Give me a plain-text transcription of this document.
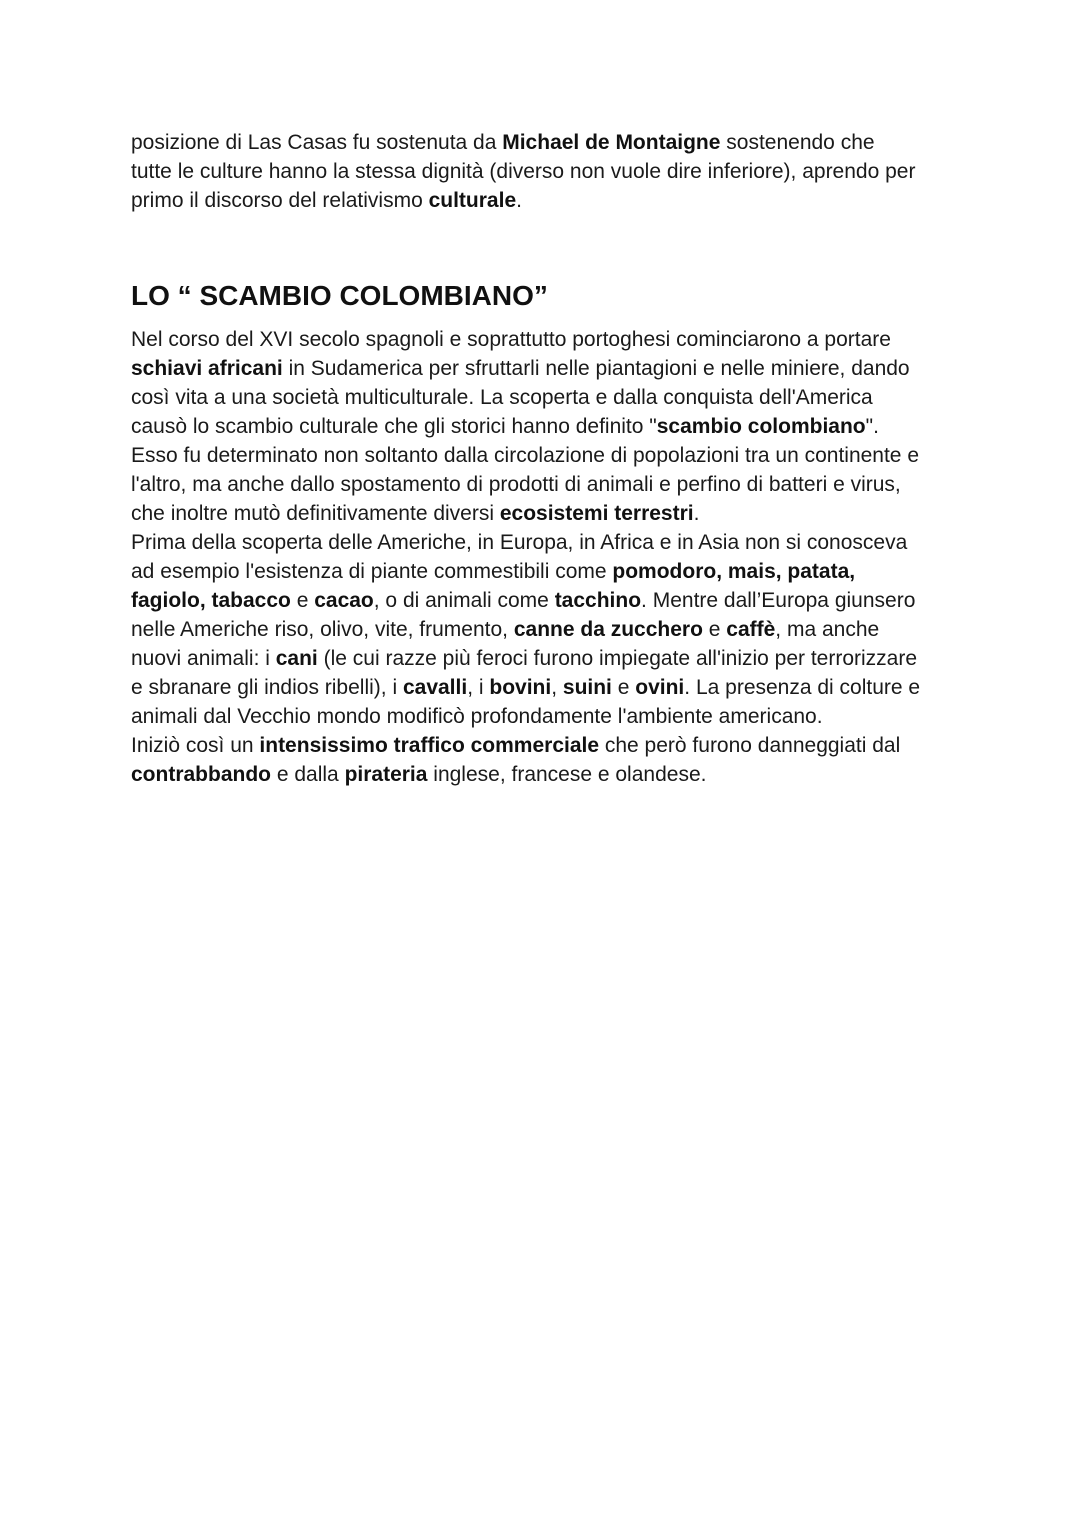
posizione di Las Casas fu sostenuta da Michael de Montaigne sostenendo che
tutte le culture hanno la stessa dignità (diverso non vuole dire inferiore), aprendo per
primo il discorso del relativismo culturale.

LO “ SCAMBIO COLOMBIANO”

Nel corso del XVI secolo spagnoli e soprattutto portoghesi cominciarono a portare
schiavi africani in Sudamerica per sfruttarli nelle piantagioni e nelle miniere, dando
così vita a una società multiculturale. La scoperta e dalla conquista dell'America
causò lo scambio culturale che gli storici hanno definito "scambio colombiano".
Esso fu determinato non soltanto dalla circolazione di popolazioni tra un continente e
l'altro, ma anche dallo spostamento di prodotti di animali e perfino di batteri e virus,
che inoltre mutò definitivamente diversi ecosistemi terrestri.
Prima della scoperta delle Americhe, in Europa, in Africa e in Asia non si conosceva
ad esempio l'esistenza di piante commestibili come pomodoro, mais, patata,
fagiolo, tabacco e cacao, o di animali come tacchino. Mentre dall’Europa giunsero
nelle Americhe riso, olivo, vite, frumento, canne da zucchero e caffè, ma anche
nuovi animali: i cani (le cui razze più feroci furono impiegate all'inizio per terrorizzare
e sbranare gli indios ribelli), i cavalli, i bovini, suini e ovini. La presenza di colture e
animali dal Vecchio mondo modificò profondamente l'ambiente americano.
Iniziò così un intensissimo traffico commerciale che però furono danneggiati dal
contrabbando e dalla pirateria inglese, francese e olandese.
